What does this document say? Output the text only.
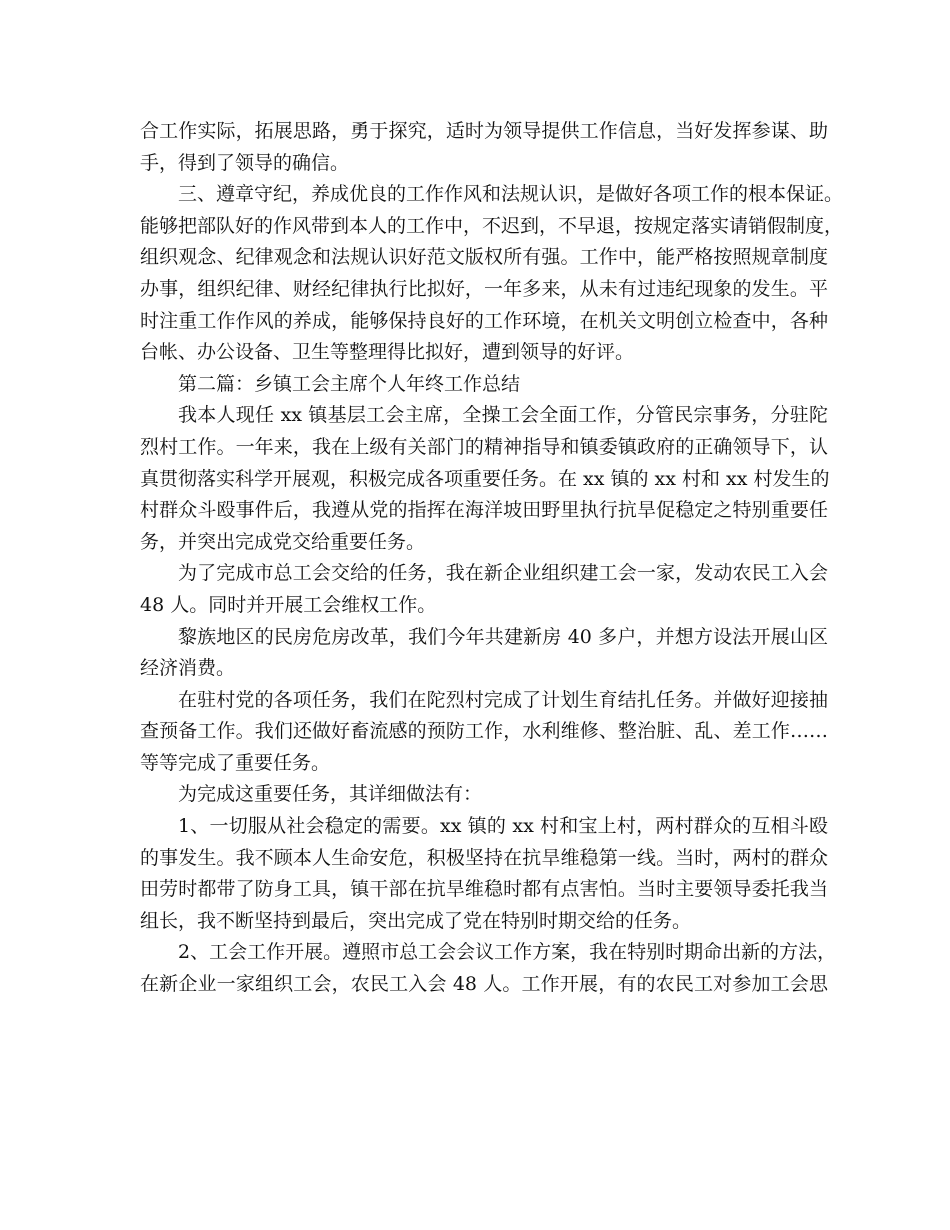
合工作实际，拓展思路，勇于探究，适时为领导提供工作信息，当好发挥参谋、助
手，得到了领导的确信。
三、遵章守纪，养成优良的工作作风和法规认识，是做好各项工作的根本保证。
能够把部队好的作风带到本人的工作中，不迟到，不早退，按规定落实请销假制度，
组织观念、纪律观念和法规认识好范文版权所有强。工作中，能严格按照规章制度
办事，组织纪律、财经纪律执行比拟好，一年多来，从未有过违纪现象的发生。平
时注重工作作风的养成，能够保持良好的工作环境，在机关文明创立检查中，各种
台帐、办公设备、卫生等整理得比拟好，遭到领导的好评。
第二篇：乡镇工会主席个人年终工作总结
我本人现任 xx 镇基层工会主席，全操工会全面工作，分管民宗事务，分驻陀
烈村工作。一年来，我在上级有关部门的精神指导和镇委镇政府的正确领导下，认
真贯彻落实科学开展观，积极完成各项重要任务。在 xx 镇的 xx 村和 xx 村发生的
村群众斗殴事件后，我遵从党的指挥在海洋坡田野里执行抗旱促稳定之特别重要任
务，并突出完成党交给重要任务。
为了完成市总工会交给的任务，我在新企业组织建工会一家，发动农民工入会
48 人。同时并开展工会维权工作。
黎族地区的民房危房改革，我们今年共建新房 40 多户，并想方设法开展山区
经济消费。
在驻村党的各项任务，我们在陀烈村完成了计划生育结扎任务。并做好迎接抽
查预备工作。我们还做好畜流感的预防工作，水利维修、整治脏、乱、差工作……
等等完成了重要任务。
为完成这重要任务，其详细做法有：
1、一切服从社会稳定的需要。xx 镇的 xx 村和宝上村，两村群众的互相斗殴
的事发生。我不顾本人生命安危，积极坚持在抗旱维稳第一线。当时，两村的群众
田劳时都带了防身工具，镇干部在抗旱维稳时都有点害怕。当时主要领导委托我当
组长，我不断坚持到最后，突出完成了党在特别时期交给的任务。
2、工会工作开展。遵照市总工会会议工作方案，我在特别时期命出新的方法，
在新企业一家组织工会，农民工入会 48 人。工作开展，有的农民工对参加工会思
